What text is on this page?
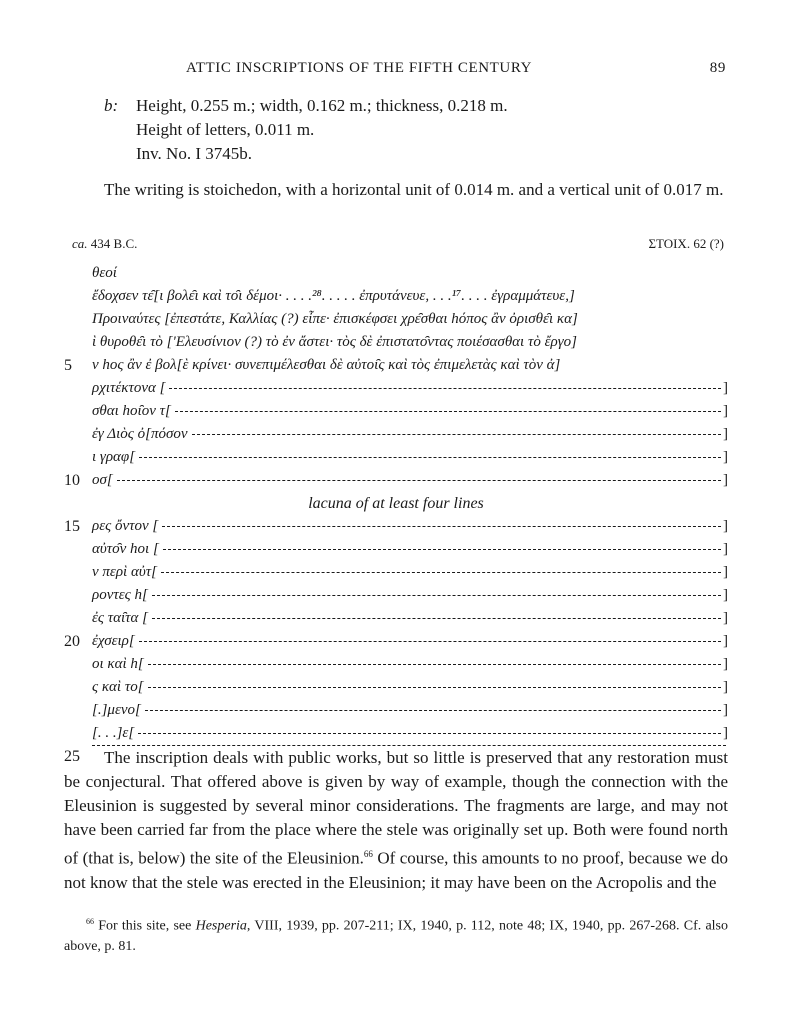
ATTIC INSCRIPTIONS OF THE FIFTH CENTURY	89
b: Height, 0.255 m.; width, 0.162 m.; thickness, 0.218 m.
Height of letters, 0.011 m.
Inv. No. I 3745b.
The writing is stoichedon, with a horizontal unit of 0.014 m. and a vertical unit of 0.017 m.
ca. 434 B.C.	ΣΤΟΙΧ. 62 (?)
θεοί
ἔδοχσεν τε̑[ι βολε̑ι καὶ το̑ι δέμοι· . . . .²⁸. . . . . ἐπρυτάνευε, . . .¹⁷. . . . ἐγραμμάτευε,]
Προιναύτες [ἐπεστάτε, Καλλίας (?) εἶπε· ἐπισκέφσει χρε̑σθαι hόπος ἂν ὀρισθε̑ι κα]
ὶ θυροθε̑ι τὸ ['Ελευσίνιον (?) τὸ ἐν ἄστει· τὸς δὲ ἐπιστατο̑ντας ποιέσασθαι τὸ ἔργο]
5	ν hος ἂν ἐ βολ[ὲ κρίνει· συνεπιμέλεσθαι δὲ αὐτοι̑ς καὶ τὸς ἐπιμελετὰς καὶ τὸν ἀ]
ρχιτέκτονα [	]
σθαι hοι̑ον τ[	]
ἐγ Διὸς ὀ[πόσον	]
ι γραφ[	]
10 οσ[	]
lacuna of at least four lines
15 ρες ὄντον [	]
αὐτο̑ν hοι [	]
ν περὶ αὐτ[	]
ροντες h[	]
ἐς ται̑τα [	]
20 ἐχσειρ[	]
οι καὶ h[	]
ς καὶ το[	]
[.]μενο[	]
[. . .]ε[	]
25	The inscription deals with public works, but so little is preserved that any restoration must be conjectural. That offered above is given by way of example, though the connection with the Eleusinion is suggested by several minor considerations. The fragments are large, and may not have been carried far from the place where the stele was originally set up. Both were found north of (that is, below) the site of the Eleusinion.$^{66}$ Of course, this amounts to no proof, because we do not know that the stele was erected in the Eleusinion; it may have been on the Acropolis and the
$^{66}$ For this site, see Hesperia, VIII, 1939, pp. 207-211; IX, 1940, p. 112, note 48; IX, 1940, pp. 267-268. Cf. also above, p. 81.
